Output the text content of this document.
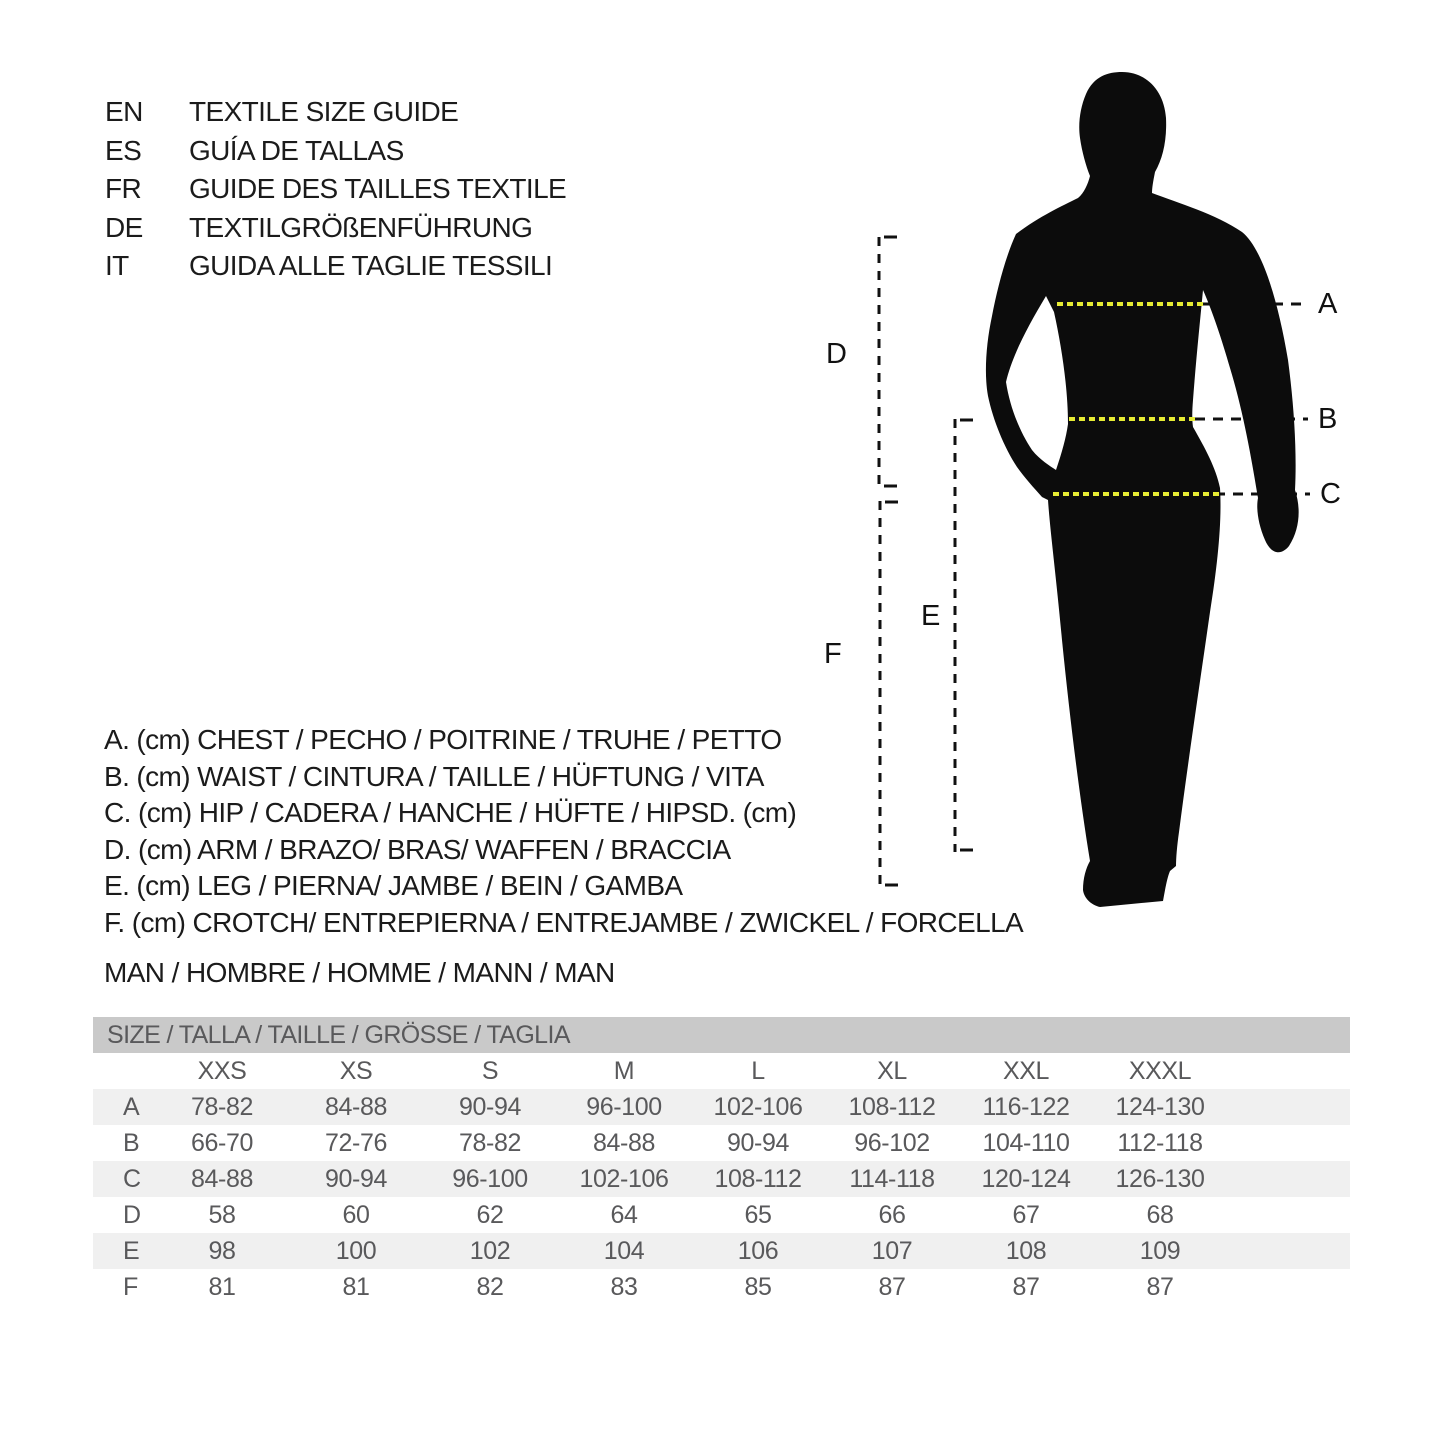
EN TEXTILE SIZE GUIDE
ES GUÍA DE TALLAS
FR GUIDE DES TAILLES TEXTILE
DE TEXTILGRÖßENFÜHRUNG
IT GUIDA ALLE TAGLIE TESSILI
A
B
C
D
E
F
A. (cm) CHEST / PECHO / POITRINE / TRUHE / PETTO
B. (cm) WAIST / CINTURA / TAILLE / HÜFTUNG / VITA
C. (cm) HIP / CADERA / HANCHE / HÜFTE / HIPSD. (cm)
D. (cm) ARM / BRAZO/ BRAS/ WAFFEN / BRACCIA
E. (cm) LEG / PIERNA/ JAMBE / BEIN / GAMBA
F. (cm) CROTCH/ ENTREPIERNA / ENTREJAMBE / ZWICKEL / FORCELLA
MAN / HOMBRE / HOMME / MANN / MAN
SIZE / TALLA / TAILLE / GRÖSSE / TAGLIA
	XXS	XS	S	M	L	XL	XXL	XXXL	
A	78-82	84-88	90-94	96-100	102-106	108-112	116-122	124-130	
B	66-70	72-76	78-82	84-88	90-94	96-102	104-110	112-118	
C	84-88	90-94	96-100	102-106	108-112	114-118	120-124	126-130	
D	58	60	62	64	65	66	67	68	
E	98	100	102	104	106	107	108	109	
F	81	81	82	83	85	87	87	87	
